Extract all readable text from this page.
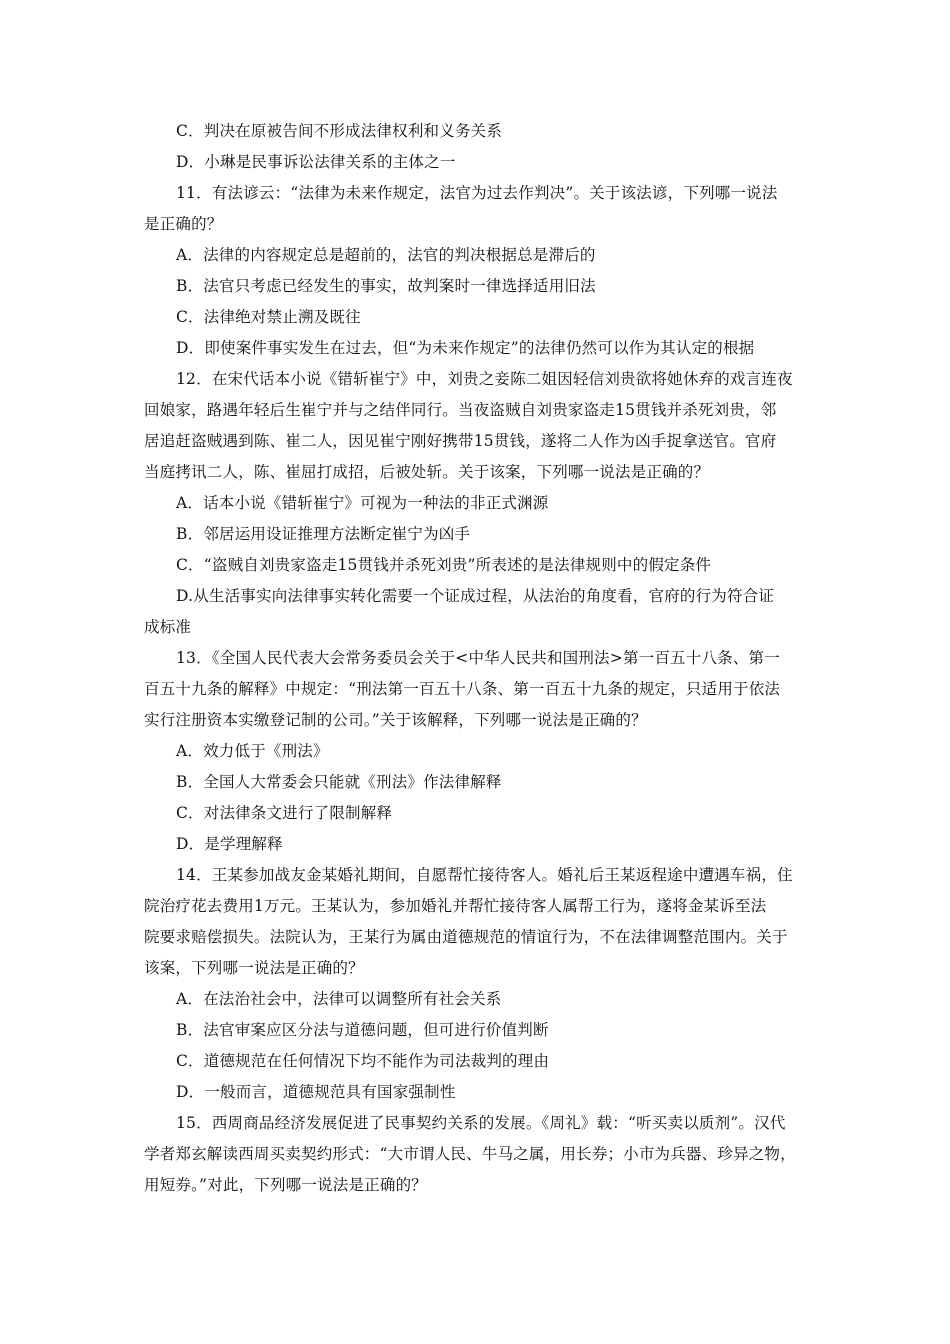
C．判决在原被告间不形成法律权利和义务关系
D．小琳是民事诉讼法律关系的主体之一
11．有法谚云：“法律为未来作规定，法官为过去作判决”。关于该法谚，下列哪一说法
是正确的？
A．法律的内容规定总是超前的，法官的判决根据总是滞后的
B．法官只考虑已经发生的事实，故判案时一律选择适用旧法
C．法律绝对禁止溯及既往
D．即使案件事实发生在过去，但“为未来作规定”的法律仍然可以作为其认定的根据
12．在宋代话本小说《错斩崔宁》中，刘贵之妾陈二姐因轻信刘贵欲将她休弃的戏言连夜
回娘家，路遇年轻后生崔宁并与之结伴同行。当夜盗贼自刘贵家盗走15贯钱并杀死刘贵，邻
居追赶盗贼遇到陈、崔二人，因见崔宁刚好携带15贯钱，遂将二人作为凶手捉拿送官。官府
当庭拷讯二人，陈、崔屈打成招，后被处斩。关于该案，下列哪一说法是正确的？
A．话本小说《错斩崔宁》可视为一种法的非正式渊源
B．邻居运用设证推理方法断定崔宁为凶手
C．“盗贼自刘贵家盗走15贯钱并杀死刘贵”所表述的是法律规则中的假定条件
D.从生活事实向法律事实转化需要一个证成过程，从法治的角度看，官府的行为符合证
成标准
13．《全国人民代表大会常务委员会关于<中华人民共和国刑法>第一百五十八条、第一
百五十九条的解释》中规定：“刑法第一百五十八条、第一百五十九条的规定，只适用于依法
实行注册资本实缴登记制的公司。”关于该解释，下列哪一说法是正确的？
A．效力低于《刑法》
B．全国人大常委会只能就《刑法》作法律解释
C．对法律条文进行了限制解释
D．是学理解释
14．王某参加战友金某婚礼期间，自愿帮忙接待客人。婚礼后王某返程途中遭遇车祸，住
院治疗花去费用1万元。王某认为，参加婚礼并帮忙接待客人属帮工行为，遂将金某诉至法
院要求赔偿损失。法院认为，王某行为属由道德规范的情谊行为，不在法律调整范围内。关于
该案，下列哪一说法是正确的？
A．在法治社会中，法律可以调整所有社会关系
B．法官审案应区分法与道德问题，但可进行价值判断
C．道德规范在任何情况下均不能作为司法裁判的理由
D．一般而言，道德规范具有国家强制性
15．西周商品经济发展促进了民事契约关系的发展。《周礼》载：“听买卖以质剂”。汉代
学者郑玄解读西周买卖契约形式：“大市谓人民、牛马之属，用长券；小市为兵器、珍异之物，
用短券。”对此，下列哪一说法是正确的？
